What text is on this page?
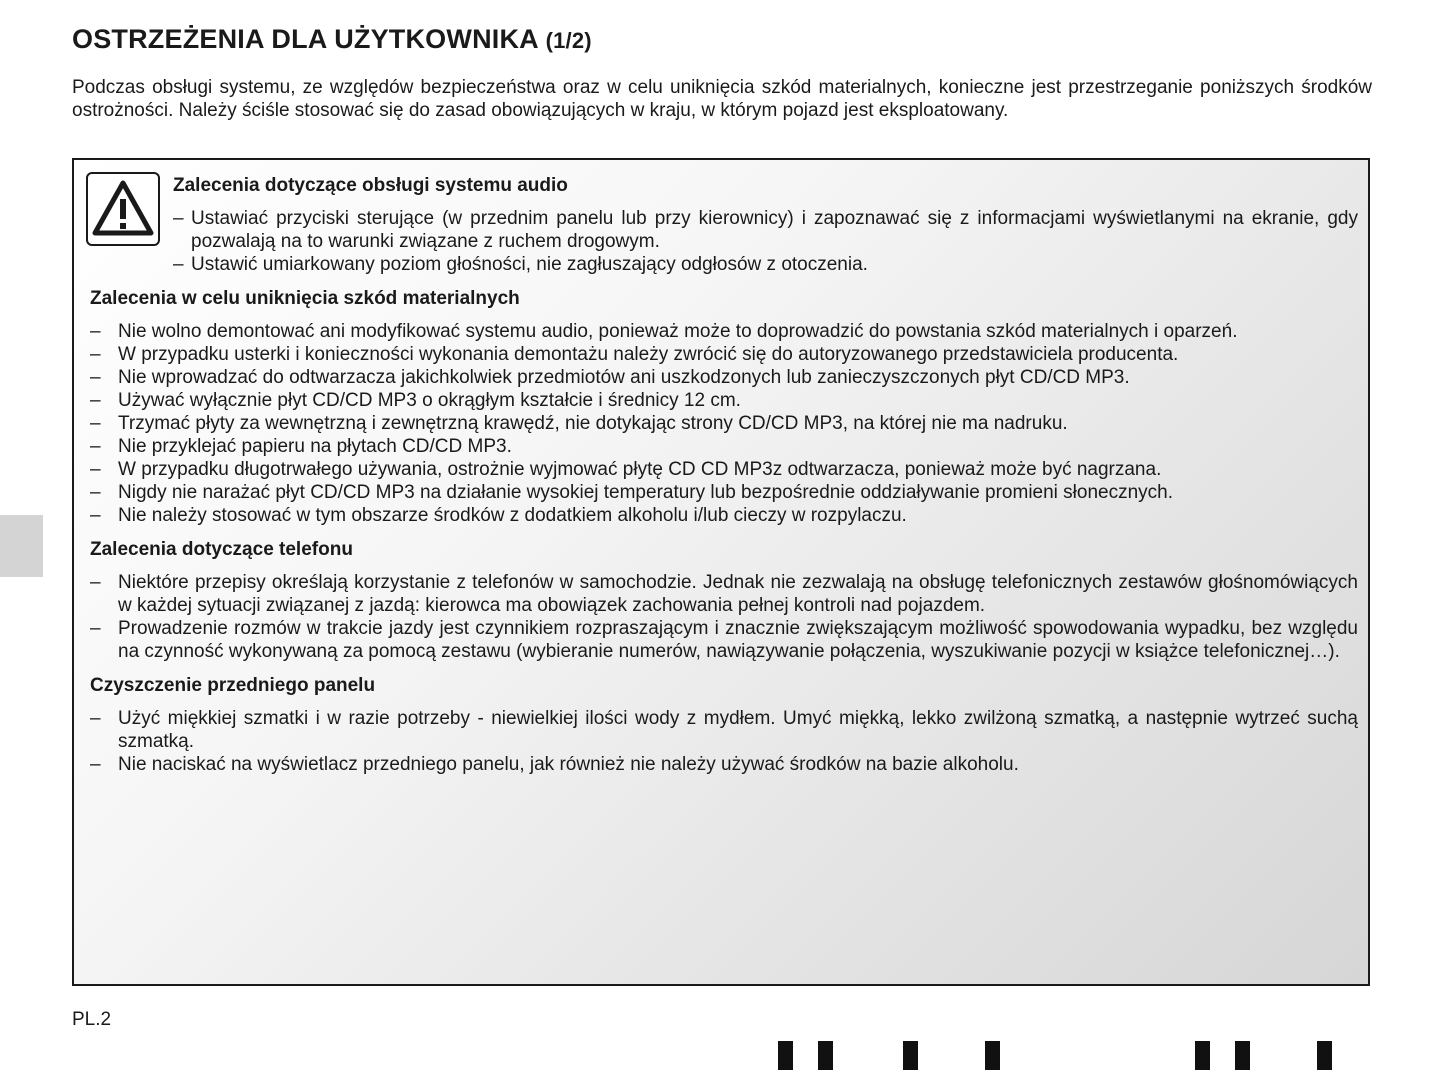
OSTRZEŻENIA DLA UŻYTKOWNIKA (1/2)

Podczas obsługi systemu, ze względów bezpieczeństwa oraz w celu uniknięcia szkód materialnych, konieczne jest przestrzeganie poniższych środków ostrożności. Należy ściśle stosować się do zasad obowiązujących w kraju, w którym pojazd jest eksploatowany.

Zalecenia dotyczące obsługi systemu audio

– Ustawiać przyciski sterujące (w przednim panelu lub przy kierownicy) i zapoznawać się z informacjami wyświetlanymi na ekranie, gdy pozwalają na to warunki związane z ruchem drogowym.
– Ustawić umiarkowany poziom głośności, nie zagłuszający odgłosów z otoczenia.

Zalecenia w celu uniknięcia szkód materialnych

– Nie wolno demontować ani modyfikować systemu audio, ponieważ może to doprowadzić do powstania szkód materialnych i oparzeń.
– W przypadku usterki i konieczności wykonania demontażu należy zwrócić się do autoryzowanego przedstawiciela producenta.
– Nie wprowadzać do odtwarzacza jakichkolwiek przedmiotów ani uszkodzonych lub zanieczyszczonych płyt CD/CD MP3.
– Używać wyłącznie płyt CD/CD MP3 o okrągłym kształcie i średnicy 12 cm.
– Trzymać płyty za wewnętrzną i zewnętrzną krawędź, nie dotykając strony CD/CD MP3, na której nie ma nadruku.
– Nie przyklejać papieru na płytach CD/CD MP3.
– W przypadku długotrwałego używania, ostrożnie wyjmować płytę CD CD MP3z odtwarzacza, ponieważ może być nagrzana.
– Nigdy nie narażać płyt CD/CD MP3 na działanie wysokiej temperatury lub bezpośrednie oddziaływanie promieni słonecznych.
– Nie należy stosować w tym obszarze środków z dodatkiem alkoholu i/lub cieczy w rozpylaczu.

Zalecenia dotyczące telefonu

– Niektóre przepisy określają korzystanie z telefonów w samochodzie. Jednak nie zezwalają na obsługę telefonicznych zestawów głośnomówiących w każdej sytuacji związanej z jazdą: kierowca ma obowiązek zachowania pełnej kontroli nad pojazdem.
– Prowadzenie rozmów w trakcie jazdy jest czynnikiem rozpraszającym i znacznie zwiększającym możliwość spowodowania wypadku, bez względu na czynność wykonywaną za pomocą zestawu (wybieranie numerów, nawiązywanie połączenia, wyszukiwanie pozycji w książce telefonicznej…).

Czyszczenie przedniego panelu

– Użyć miękkiej szmatki i w razie potrzeby - niewielkiej ilości wody z mydłem. Umyć miękką, lekko zwilżoną szmatką, a następnie wytrzeć suchą szmatką.
– Nie naciskać na wyświetlacz przedniego panelu, jak również nie należy używać środków na bazie alkoholu.

PL.2
